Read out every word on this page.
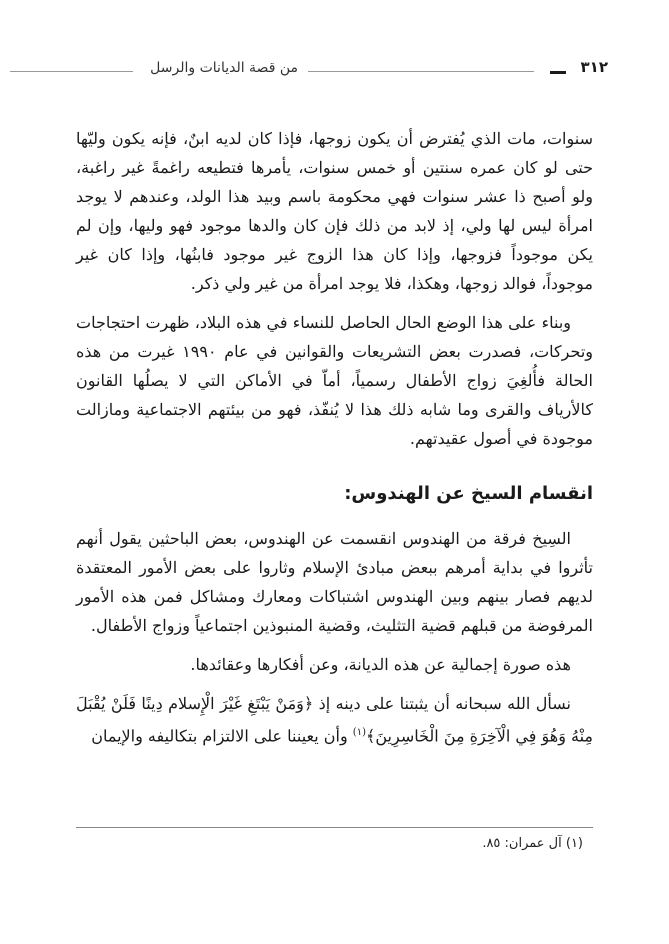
٣١٢
من قصة الديانات والرسل

سنوات، مات الذي يُفترض أن يكون زوجها، فإذا كان لديه ابنٌ، فإنه يكون وليّها حتى لو كان عمره سنتين أو خمس سنوات، يأمرها فتطيعه راغمةً غير راغبة، ولو أصبح ذا عشر سنوات فهي محكومة باسم وبيد هذا الولد، وعندهم لا يوجد امرأة ليس لها ولي، إذ لابد من ذلك فإن كان والدها موجود فهو وليها، وإن لم يكن موجوداً فزوجها، وإذا كان هذا الزوج غير موجود فابنُها، وإذا كان غير موجوداً، فوالد زوجها، وهكذا، فلا يوجد امرأة من غير ولي ذكر.

وبناء على هذا الوضع الحال الحاصل للنساء في هذه البلاد، ظهرت احتجاجات وتحركات، فصدرت بعض التشريعات والقوانين في عام ١٩٩٠ غيرت من هذه الحالة فأُلغِيَ زواج الأطفال رسمياً، أماّ في الأماكن التي لا يصلُها القانون كالأرياف والقرى وما شابه ذلك هذا لا يُنفّذ، فهو من بيئتهم الاجتماعية ومازالت موجودة في أصول عقيدتهم.

انقسام السيخ عن الهندوس:

السِيخ فرقة من الهندوس انقسمت عن الهندوس، بعض الباحثين يقول أنهم تأثروا في بداية أمرهم ببعض مبادئ الإسلام وثاروا على بعض الأمور المعتقدة لديهم فصار بينهم وبين الهندوس اشتباكات ومعارك ومشاكل فمن هذه الأمور المرفوضة من قبلهم قضية التثليث، وقضية المنبوذين اجتماعياً وزواج الأطفال.

هذه صورة إجمالية عن هذه الديانة، وعن أفكارها وعقائدها.

نسأل الله سبحانه أن يثبتنا على دينه إذ ﴿وَمَنْ يَبْتَغِ غَيْرَ الْإِسلام دِينًا فَلَنْ يُقْبَلَ مِنْهُ وَهُوَ فِي الْآخِرَةِ مِنَ الْخَاسِرِينَ﴾$^{(١)}$ وأن يعيننا على الالتزام بتكاليفه والإيمان

(١) آل عمران: ٨٥.
